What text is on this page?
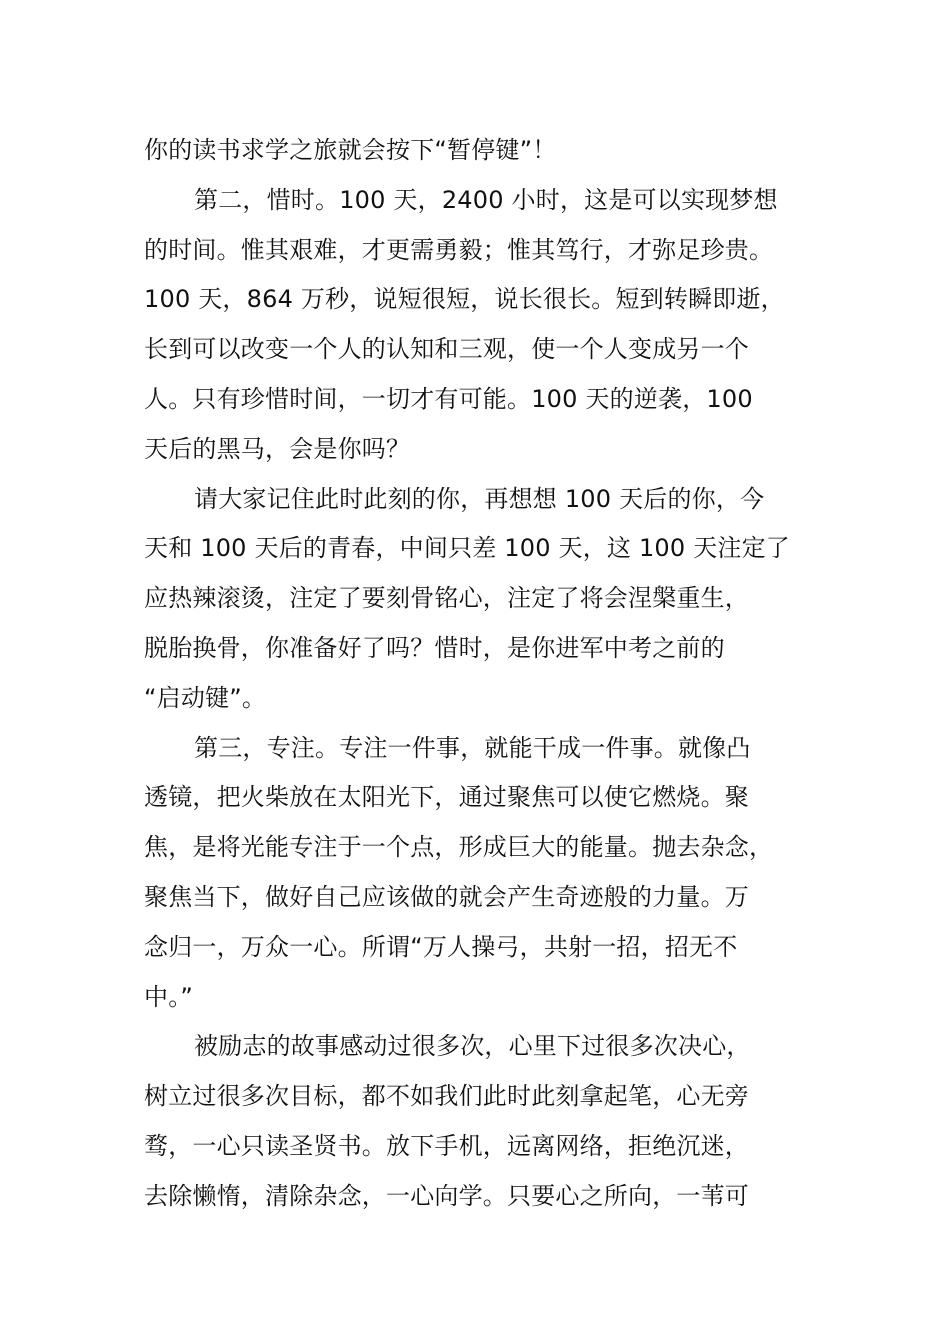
你的读书求学之旅就会按下“暂停键”！
第二，惜时。100 天，2400 小时，这是可以实现梦想
的时间。惟其艰难，才更需勇毅；惟其笃行，才弥足珍贵。
100 天，864 万秒，说短很短，说长很长。短到转瞬即逝，
长到可以改变一个人的认知和三观，使一个人变成另一个
人。只有珍惜时间，一切才有可能。100 天的逆袭，100
天后的黑马，会是你吗？
请大家记住此时此刻的你，再想想 100 天后的你，今
天和 100 天后的青春，中间只差 100 天，这 100 天注定了
应热辣滚烫，注定了要刻骨铭心，注定了将会涅槃重生，
脱胎换骨，你准备好了吗？惜时，是你进军中考之前的
“启动键”。
第三，专注。专注一件事，就能干成一件事。就像凸
透镜，把火柴放在太阳光下，通过聚焦可以使它燃烧。聚
焦，是将光能专注于一个点，形成巨大的能量。抛去杂念，
聚焦当下，做好自己应该做的就会产生奇迹般的力量。万
念归一，万众一心。所谓“万人操弓，共射一招，招无不
中。”
被励志的故事感动过很多次，心里下过很多次决心，
树立过很多次目标，都不如我们此时此刻拿起笔，心无旁
骛，一心只读圣贤书。放下手机，远离网络，拒绝沉迷，
去除懒惰，清除杂念，一心向学。只要心之所向，一苇可
